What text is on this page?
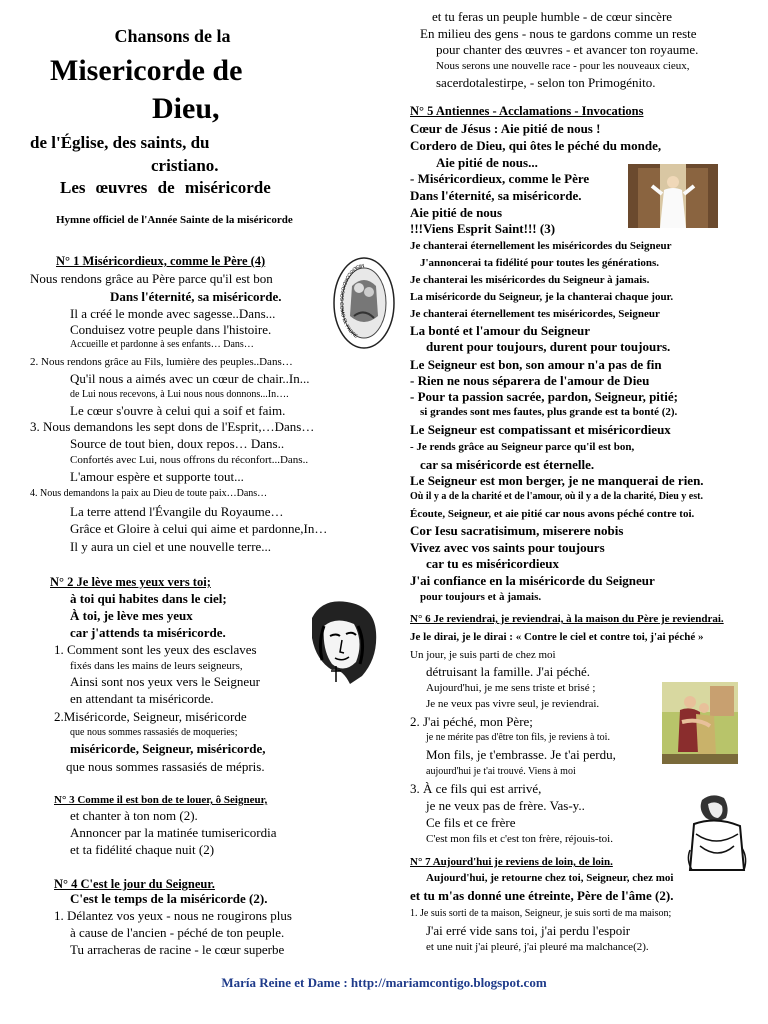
Chansons de la
Misericorde de
Dieu,
de l'Église, des saints, du
cristiano.
Les œuvres de miséricorde
Hymne officiel de l'Année Sainte de la miséricorde
N° 1 Miséricordieux, comme le Père (4)
Nous rendons grâce au Père parce qu'il est bon
Dans l'éternité, sa miséricorde.
Il a créé le monde avec sagesse..Dans...
Conduisez votre peuple dans l'histoire.
Accueille et pardonne à ses enfants… Dans…
2. Nous rendons grâce au Fils, lumière des peuples..Dans…
Qu'il nous a aimés avec un cœur de chair..In...
de Lui nous recevons, à Lui nous nous donnons...In….
Le cœur s'ouvre à celui qui a soif et faim.
3. Nous demandons les sept dons de l'Esprit,…Dans…
Source de tout bien, doux repos… Dans..
Confortés avec Lui, nous offrons du réconfort...Dans..
L'amour espère et supporte tout...
4. Nous demandons la paix au Dieu de toute paix…Dans…
La terre attend l'Évangile du Royaume…
Grâce et Gloire à celui qui aime et pardonne,In…
Il y aura un ciel et une nouvelle terre...
N° 2 Je lève mes yeux vers toi;
à toi qui habites dans le ciel;
À toi, je lève mes yeux
car j'attends ta miséricorde.
1. Comment sont les yeux des esclaves
fixés dans les mains de leurs seigneurs,
Ainsi sont nos yeux vers le Seigneur
en attendant ta miséricorde.
2.Miséricorde, Seigneur, miséricorde
que nous sommes rassasiés de moqueries;
miséricorde, Seigneur, miséricorde,
que nous sommes rassasiés de mépris.
N° 3 Comme il est bon de te louer, ô Seigneur,
et chanter à ton nom (2).
Annoncer par la matinée tumisericordia
et ta fidélité chaque nuit (2)
N° 4 C'est le jour du Seigneur.
C'est le temps de la miséricorde (2).
1. Délantez vos yeux - nous ne rougirons plus
à cause de l'ancien - péché de ton peuple.
Tu arracheras de racine - le cœur superbe
MISERICORDIOSOS COMO EL PADRE
et tu feras un peuple humble - de cœur sincère
En milieu des gens - nous te gardons comme un reste
pour chanter des œuvres - et avancer ton royaume.
Nous serons une nouvelle race - pour les nouveaux cieux,
sacerdotalestirpe, - selon ton Primogénito.
N° 5 Antiennes - Acclamations - Invocations
Cœur de Jésus : Aie pitié de nous !
Cordero de Dieu, qui ôtes le péché du monde,
Aie pitié de nous...
- Miséricordieux, comme le Père
Dans l'éternité, sa miséricorde.
Aie pitié de nous
!!!Viens Esprit Saint!!! (3)
Je chanterai éternellement les miséricordes du Seigneur
J'annoncerai ta fidélité pour toutes les générations.
Je chanterai les miséricordes du Seigneur à jamais.
La miséricorde du Seigneur, je la chanterai chaque jour.
Je chanterai éternellement tes miséricordes, Seigneur
La bonté et l'amour du Seigneur
durent pour toujours, durent pour toujours.
Le Seigneur est bon, son amour n'a pas de fin
- Rien ne nous séparera de l'amour de Dieu
- Pour ta passion sacrée, pardon, Seigneur, pitié;
si grandes sont mes fautes, plus grande est ta bonté (2).
Le Seigneur est compatissant et miséricordieux
- Je rends grâce au Seigneur parce qu'il est bon,
car sa miséricorde est éternelle.
Le Seigneur est mon berger, je ne manquerai de rien.
Où il y a de la charité et de l'amour, où il y a de la charité, Dieu y est.
Écoute, Seigneur, et aie pitié car nous avons péché contre toi.
Cor Iesu sacratisimum, miserere nobis
Vivez avec vos saints pour toujours
car tu es miséricordieux
J'ai confiance en la miséricorde du Seigneur
pour toujours et à jamais.
N° 6 Je reviendrai, je reviendrai, à la maison du Père je reviendrai.
Je le dirai, je le dirai : « Contre le ciel et contre toi, j'ai péché »
Un jour, je suis parti de chez moi
détruisant la famille. J'ai péché.
Aujourd'hui, je me sens triste et brisé ;
Je ne veux pas vivre seul, je reviendrai.
2. J'ai péché, mon Père;
je ne mérite pas d'être ton fils, je reviens à toi.
Mon fils, je t'embrasse. Je t'ai perdu,
aujourd'hui je t'ai trouvé. Viens à moi
3. À ce fils qui est arrivé,
je ne veux pas de frère. Vas-y..
Ce fils et ce frère
C'est mon fils et c'est ton frère, réjouis-toi.
N° 7 Aujourd'hui je reviens de loin, de loin.
Aujourd'hui, je retourne chez toi, Seigneur, chez moi
et tu m'as donné une étreinte, Père de l'âme (2).
1. Je suis sorti de ta maison, Seigneur, je suis sorti de ma maison;
J'ai erré vide sans toi, j'ai perdu l'espoir
et une nuit j'ai pleuré, j'ai pleuré ma malchance(2).
María Reine et Dame : http://mariamcontigo.blogspot.com
